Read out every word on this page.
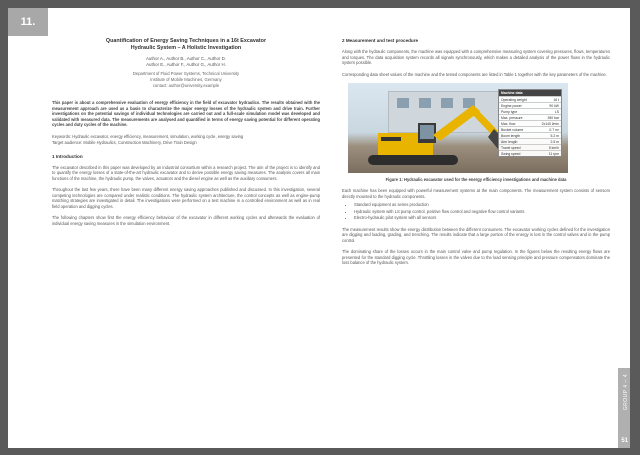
11.
Quantification of Energy Saving Techniques in a 16t Excavator
Hydraulic System – A Holistic Investigation
Author A., Author B., Author C., Author D.
Author E., Author F., Author G., Author H.
Department of Fluid Power Systems, Technical University
Institute of Mobile Machines, Germany
contact: author@university.example
This paper is about a comprehensive evaluation of energy efficiency in the field of excavator hydraulics. The results obtained with the measurement approach are used as a basis to characterize the major energy losses of the hydraulic system and drive train. Further investigations on the potential savings of individual technologies are carried out and a full-scale simulation model was developed and validated with measured data. The measurements are analysed and quantified in terms of energy saving potential for different operating cycles and duty cycles of the machine.
Keywords: Hydraulic excavator, energy efficiency, measurement, simulation, working cycle, energy saving
Target audience: Mobile Hydraulics, Construction Machinery, Drive Train Design
1 Introduction
The excavator described in this paper was developed by an industrial consortium within a research project. The aim of the project is to identify and to quantify the energy losses of a state-of-the-art hydraulic excavator and to derive possible energy saving measures. The analysis covers all main functions of the machine, the hydraulic pump, the valves, actuators and the diesel engine as well as the auxiliary consumers.
Throughout the last few years, there have been many different energy saving approaches published and discussed. In this investigation, several competing technologies are compared under realistic conditions. The hydraulic system architecture, the control concepts as well as engine-pump matching strategies are investigated in detail. The investigations were performed on a test machine in a controlled environment as well as in real field operation and digging cycles.
The following chapters show first the energy efficiency behaviour of the excavator in different working cycles and afterwards the evaluation of individual energy saving measures in the simulation environment.
2 Measurement and test procedure
Along with the hydraulic components, the machine was equipped with a comprehensive measuring system covering pressures, flows, temperatures and torques. The data acquisition system records all signals synchronously, which makes a detailed analysis of the power flows in the hydraulic system possible.
Corresponding data sheet values of the machine and the tested components are listed in Table 1 together with the key parameters of the machine.
Machine data
Operating weight	16 t
Engine power	90 kW
Pump type	LS
Max. pressure	350 bar
Max. flow	2x140 l/min
Bucket volume	0.7 m³
Boom length	5.2 m
Arm length	2.5 m
Travel speed	5 km/h
Swing speed	11 rpm
Figure 1: Hydraulic excavator used for the energy efficiency investigations and machine data
Each machine has been equipped with powerful measurement systems at the main components. The measurement system consists of sensors directly mounted to the hydraulic components.
• Standard equipment as series production
• Hydraulic system with LS pump control, positive flow control and negative flow control variants
• Electro-hydraulic pilot system with all sensors
The measurement results show the energy distribution between the different consumers. The excavator working cycles defined for the investigation are digging and loading, grading, and trenching. The results indicate that a large portion of the energy is lost in the control valves and in the pump control.
The dominating share of the losses occurs in the main control valve and pump regulation. In the figures below the resulting energy flows are presented for the standard digging cycle. Throttling losses in the valves due to the load sensing principle and pressure compensators dominate the loss balance of the hydraulic system.
GROUP 4 – 4
51
